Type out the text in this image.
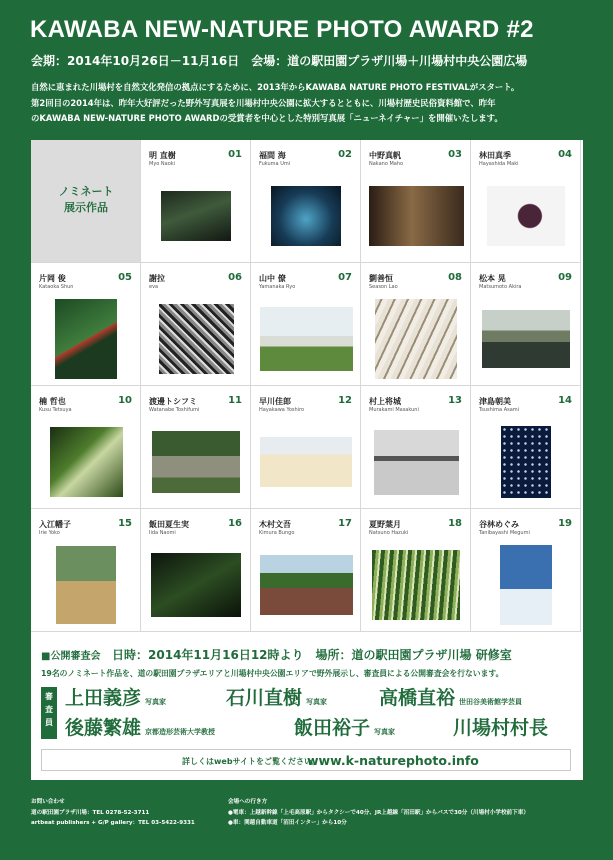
KAWABA NEW-NATURE PHOTO AWARD #2
会期：2014年10月26日－11月16日　会場：道の駅田園プラザ川場＋川場村中央公園広場
自然に恵まれた川場村を自然文化発信の拠点にするために、2013年からKAWABA NATURE PHOTO FESTIVALがスタート。
第2回目の2014年は、昨年大好評だった野外写真展を川場村中央公園に拡大するとともに、川場村歴史民俗資料館で、昨年
のKAWABA NEW-NATURE PHOTO AWARDの受賞者を中心とした特別写真展「ニューネイチャー」を開催いたします。
ノミネート
展示作品
明 直樹
Myo Naoki
01 福間 海
Fukuma Umi
02 中野真帆
Nakano Maho
03 林田真季
Hayashida Maki
04
片岡 俊
Kataoka Shun
05 謝拉
eva
06 山中 僚
Yamanaka Ryo
07 劉善恒
Season Lao
08 松本 晃
Matsumoto Akira
09
楠 哲也
Kusu Tetsuya
10 渡邊トシフミ
Watanabe Toshifumi
11 早川佳郎
Hayakawa Yoshiro
12 村上将城
Murakami Masakuni
13 津島朝美
Tsushima Asami
14
入江幡子
Irie Yoko
15 飯田夏生実
Iida Naomi
16 木村文吾
Kimura Bungo
17 夏野葉月
Natsuno Hazuki
18 谷林めぐみ
Tanibayashi Megumi
19
■公開審査会 日時：2014年11月16日12時より　場所：道の駅田園プラザ川場 研修室
19名のノミネート作品を、道の駅田園プラザエリアと川場村中央公園エリアで野外展示し、審査員による公開審査会を行ないます。
審
査
員
上田義彦 写真家	石川直樹 写真家	高橋直裕 世田谷美術館学芸員
後藤繁雄 京都造形芸術大学教授	飯田裕子 写真家	川場村村長
詳しくはwebサイトをご覧ください。
www.k-naturephoto.info
お問い合わせ
道の駅田園プラザ川場：TEL 0278-52-3711
artbeat publishers + G/P gallery：TEL 03-5422-9331
会場への行き方
●電車：上越新幹線「上毛高原駅」からタクシーで40分、JR上越線「沼田駅」からバスで30分（川場村小学校前下車）
●車：関越自動車道「沼田インター」から10分
